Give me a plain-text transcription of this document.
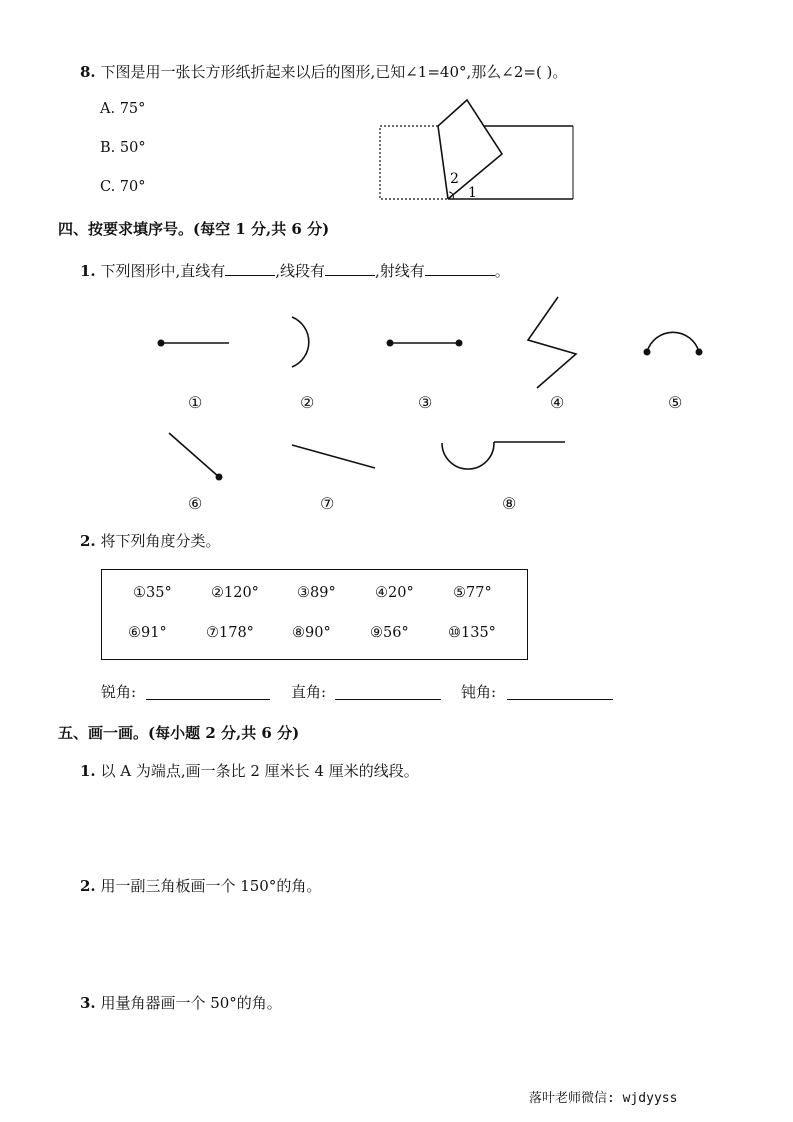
8. 下图是用一张长方形纸折起来以后的图形,已知∠1=40°,那么∠2=( )。
A. 75°
B. 50°
C. 70°	2
1
四、按要求填序号。(每空 1 分,共 6 分)
1. 下列图形中,直线有	,线段有	,射线有	。
①	②	③	④	⑤
⑥	⑦	⑧
2. 将下列角度分类。
①35°	②120°	③89°	④20°	⑤77°
⑥91°	⑦178°	⑧90°	⑨56°	⑩135°
锐角:	直角:	钝角:
五、画一画。(每小题 2 分,共 6 分)
1. 以 A 为端点,画一条比 2 厘米长 4 厘米的线段。
2. 用一副三角板画一个 150°的角。
3. 用量角器画一个 50°的角。
落叶老师微信: wjdyyss
